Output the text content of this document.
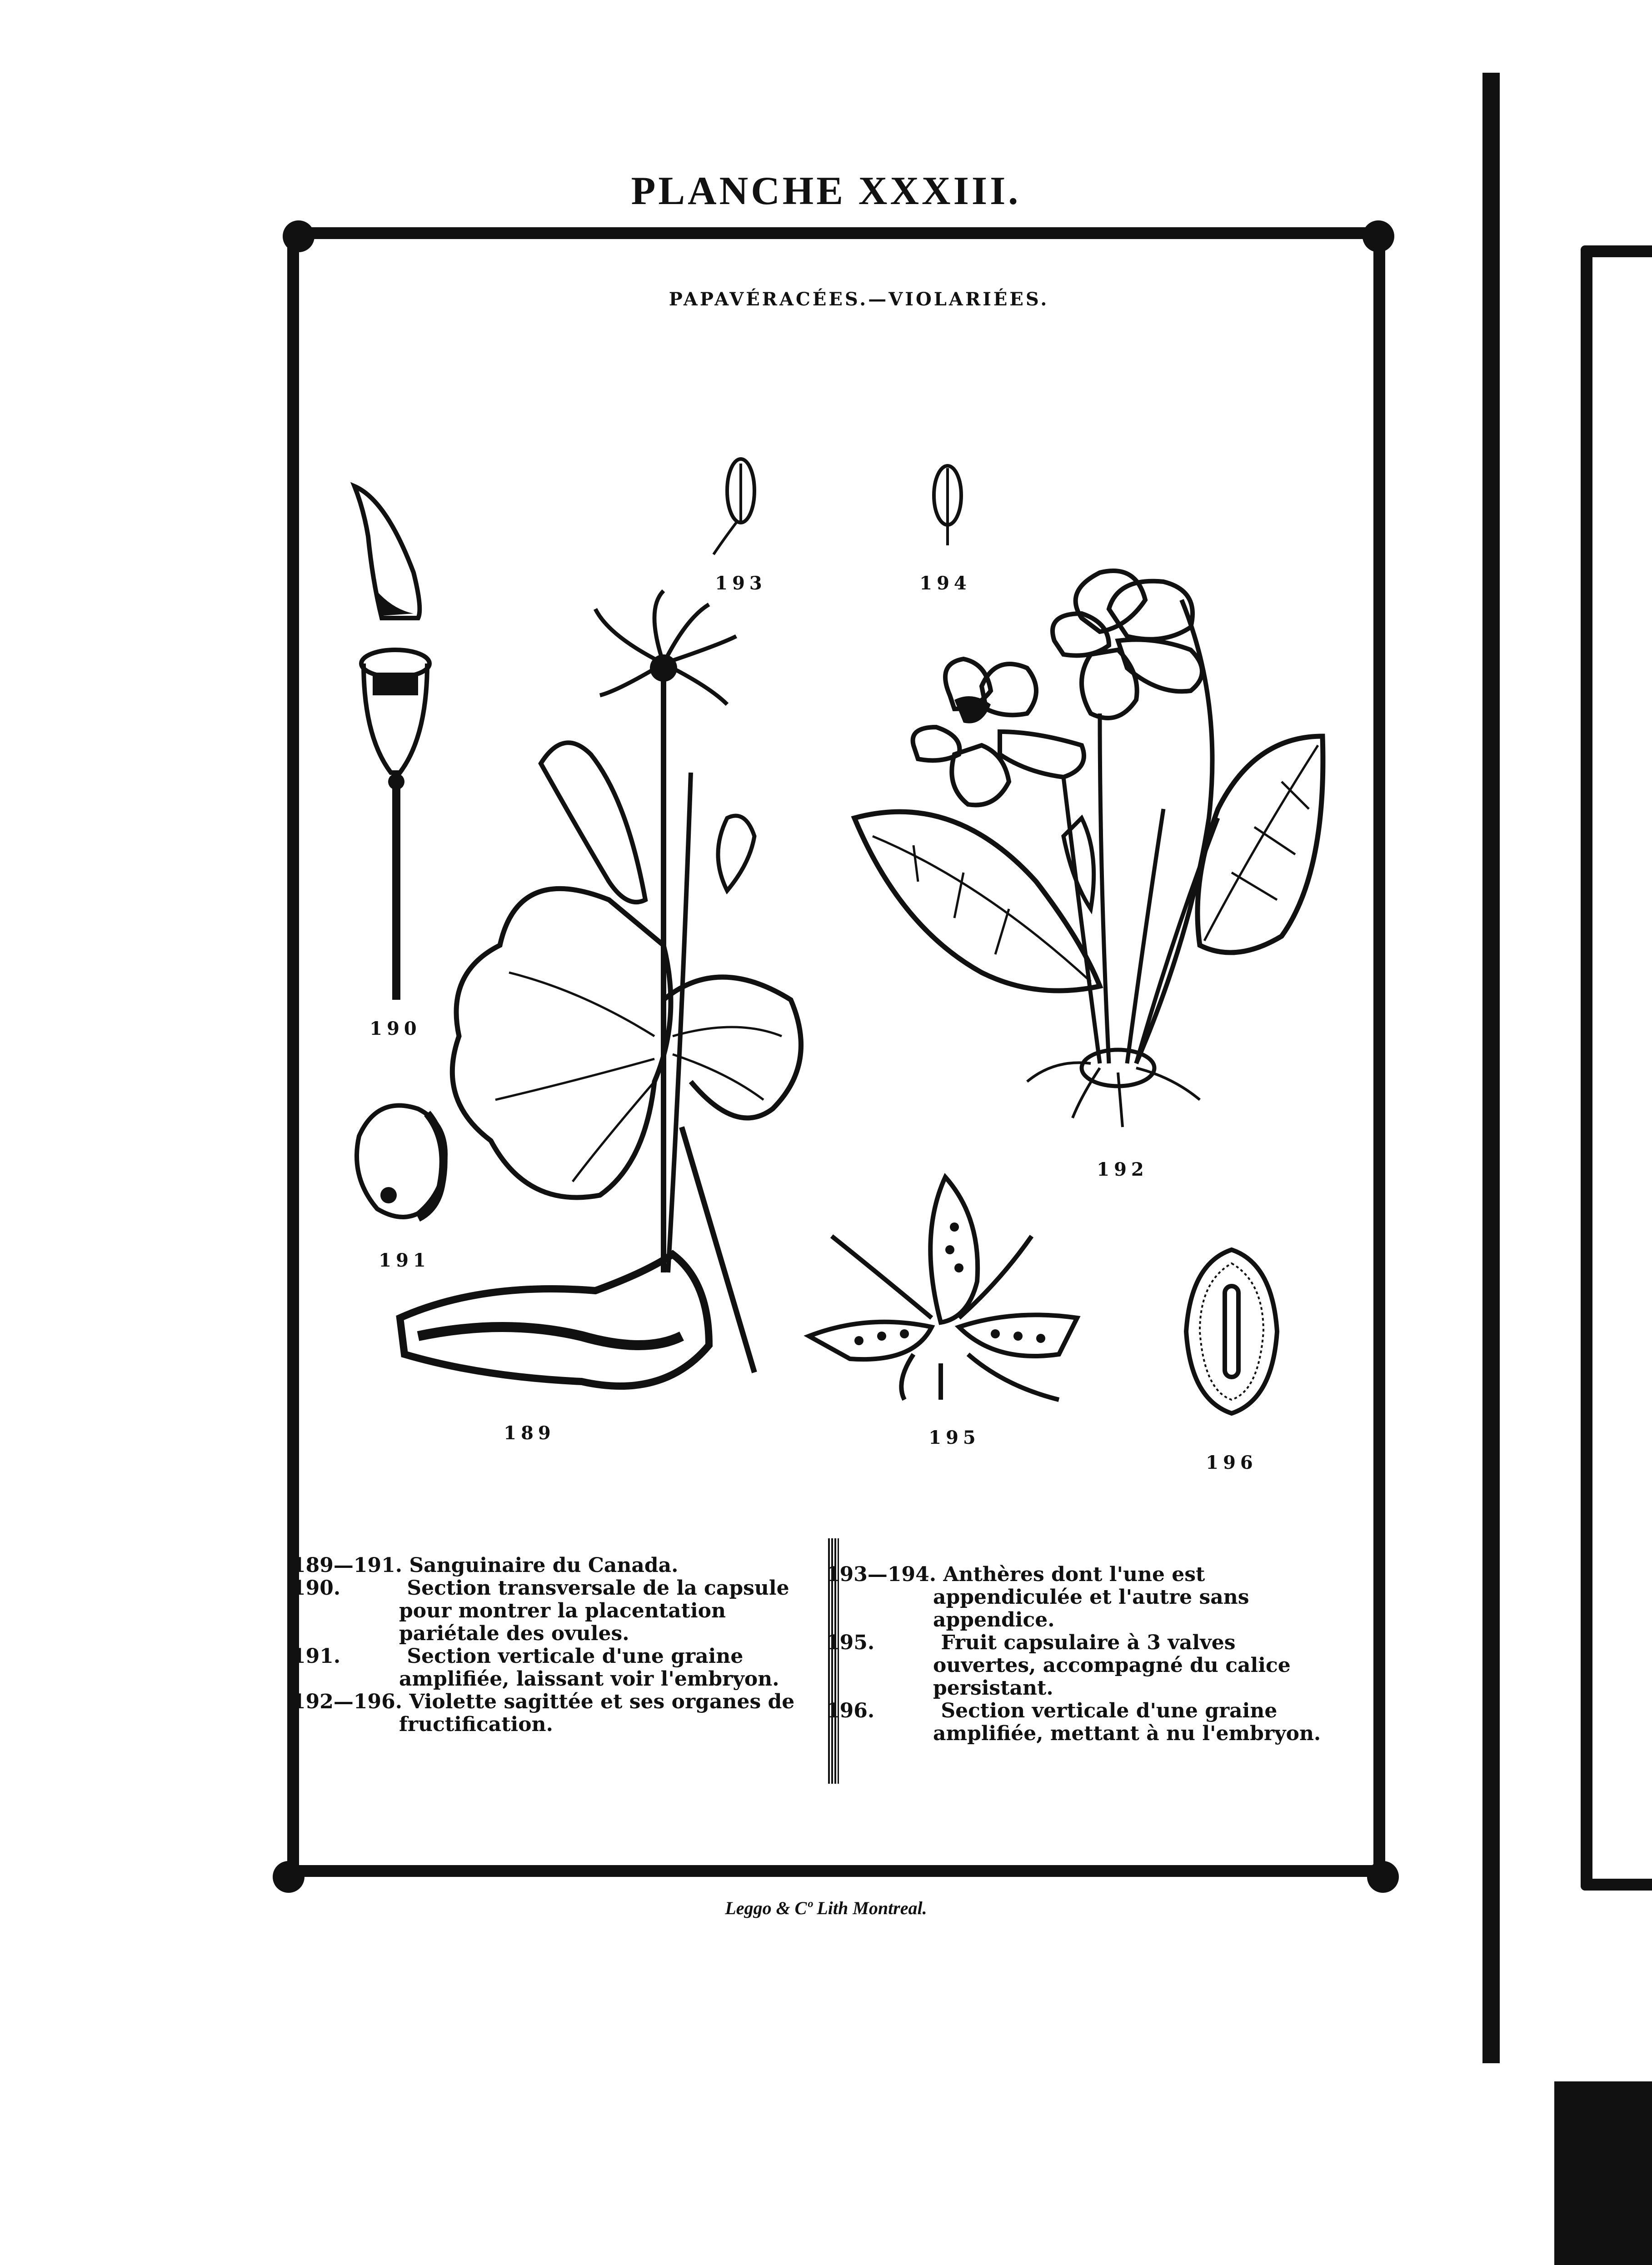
PLANCHE XXXIII.
PAPAVÉRACÉES.—VIOLARIÉES.
190
191
193	194
189
192
195
196

189—191. Sanguinaire du Canada.

190.	Section transversale de la capsule pour montrer la placentation pariétale des ovules.

191.	Section verticale d'une graine amplifiée, laissant voir l'embryon.

192—196. Violette sagittée et ses organes de fructification.

193—194. Anthères dont l'une est appendiculée et l'autre sans appendice.

195.	Fruit capsulaire à 3 valves ouvertes, accompagné du calice persistant.

196.	Section verticale d'une graine amplifiée, mettant à nu l'embryon.

Leggo & Cº Lith Montreal.
